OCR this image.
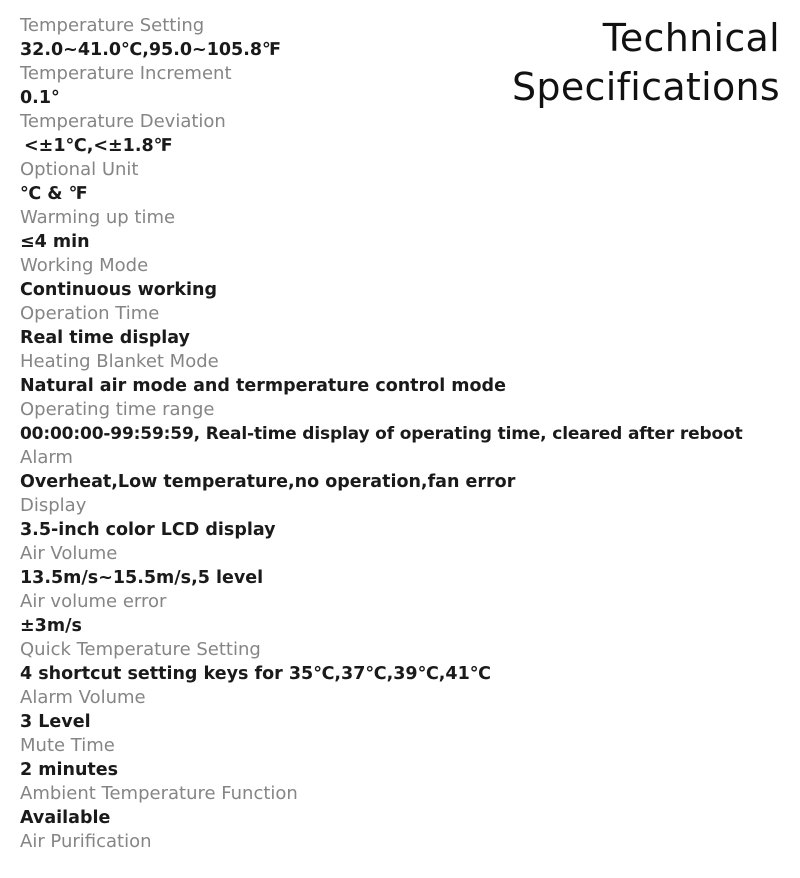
Technical
Specifications
Temperature Setting
32.0~41.0℃,95.0~105.8℉
Temperature Increment
0.1°
Temperature Deviation
<±1℃,<±1.8℉
Optional Unit
℃ & ℉
Warming up time
≤4 min
Working Mode
Continuous working
Operation Time
Real time display
Heating Blanket Mode
Natural air mode and termperature control mode
Operating time range
00:00:00-99:59:59, Real-time display of operating time, cleared after reboot
Alarm
Overheat,Low temperature,no operation,fan error
Display
3.5-inch color LCD display
Air Volume
13.5m/s~15.5m/s,5 level
Air volume error
±3m/s
Quick Temperature Setting
4 shortcut setting keys for 35℃,37℃,39℃,41℃
Alarm Volume
3 Level
Mute Time
2 minutes
Ambient Temperature Function
Available
Air Purification
